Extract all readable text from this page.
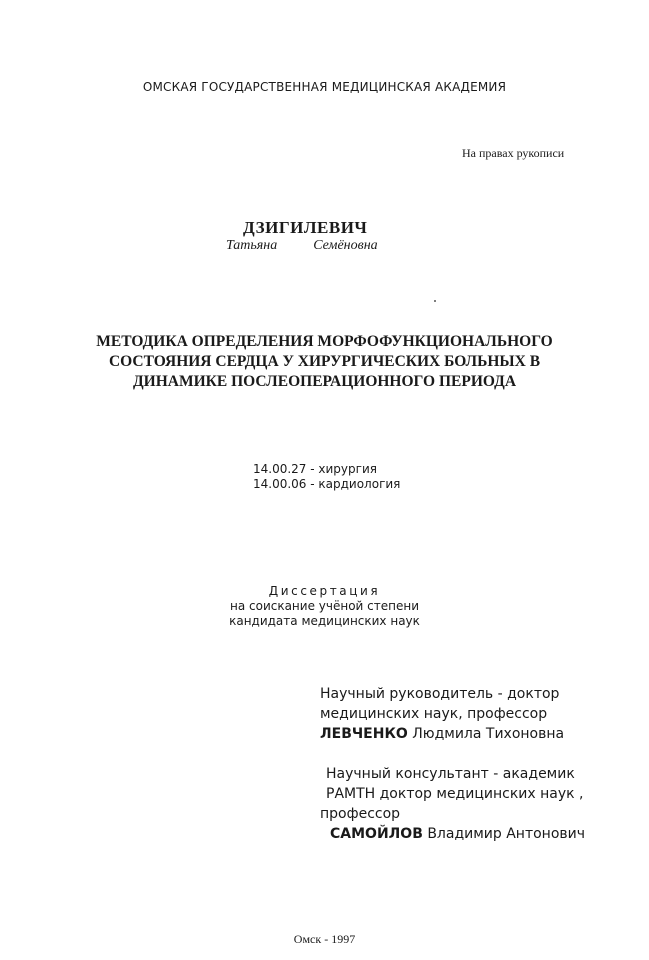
ОМСКАЯ ГОСУДАРСТВЕННАЯ МЕДИЦИНСКАЯ АКАДЕМИЯ
На правах рукописи
ДЗИГИЛЕВИЧ
Татьяна	Семёновна
МЕТОДИКА ОПРЕДЕЛЕНИЯ МОРФОФУНКЦИОНАЛЬНОГО
СОСТОЯНИЯ СЕРДЦА У ХИРУРГИЧЕСКИХ БОЛЬНЫХ В
ДИНАМИКЕ ПОСЛЕОПЕРАЦИОННОГО ПЕРИОДА
14.00.27 - хирургия
14.00.06 - кардиология
Диссертация
на соискание учёной степени
кандидата медицинских наук
Научный руководитель - доктор
медицинских наук, профессор
ЛЕВЧЕНКО Людмила Тихоновна
Научный консультант - академик
РАМТН доктор медицинских наук ,
профессор
САМОЙЛОВ Владимир Антонович
Омск - 1997
